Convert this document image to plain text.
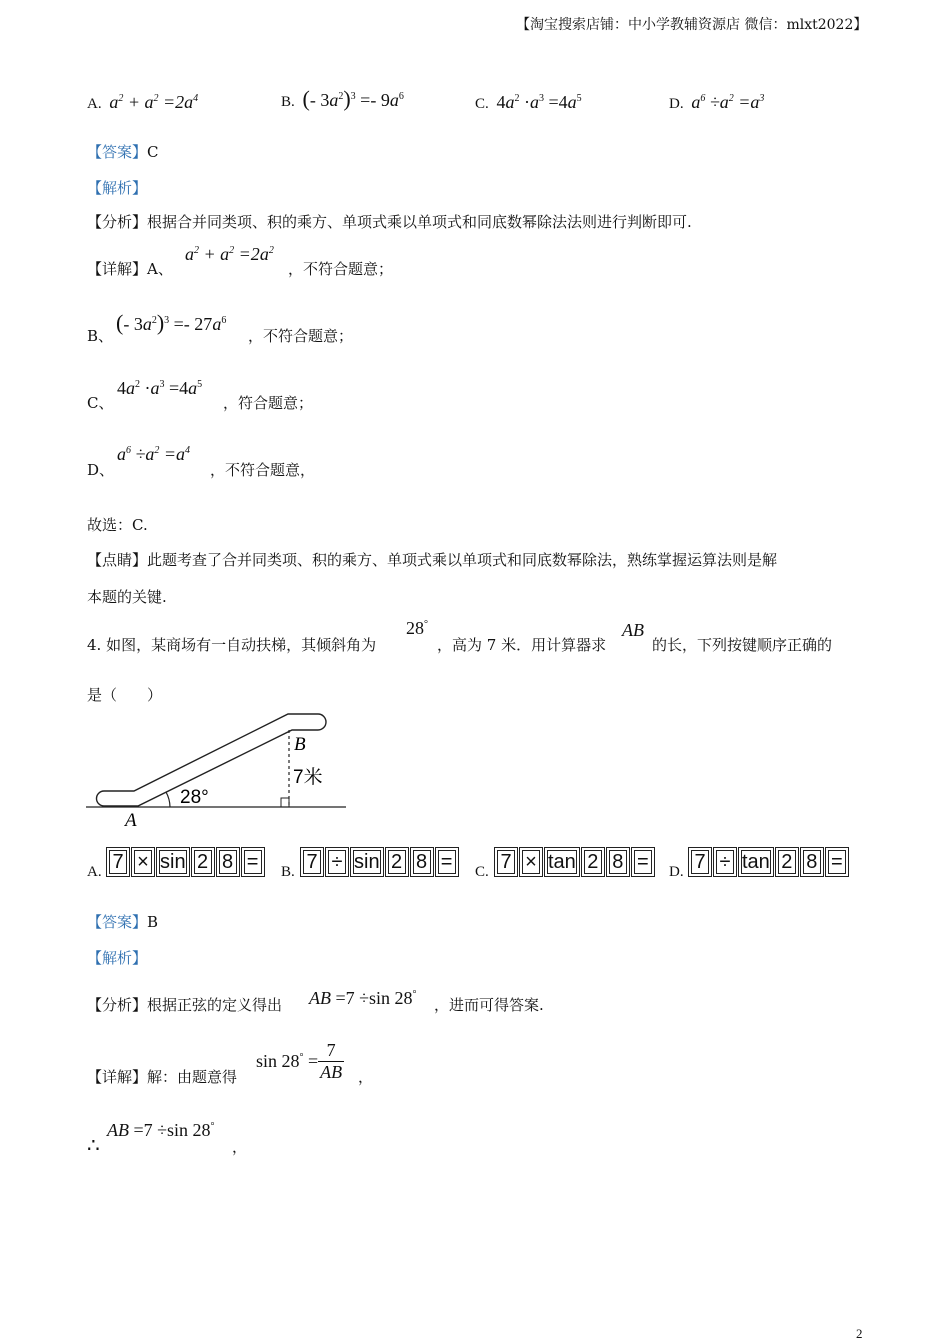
【淘宝搜索店铺：中小学教辅资源店 微信：mlxt2022】
A. $a^2 + a^2 =2a^4$	B. (- $3a^2)^3 =- 9a^6$	C. $4a^2 \cdot a^3 =4a^5$	D. $a^6 \div a^2 =a^3$
【答案】C
【解析】
【分析】根据合并同类项、积的乘方、单项式乘以单项式和同底数幂除法法则进行判断即可.
【详解】A、
$a^2 + a^2 =2a^2$
，不符合题意；
B、
(- $3a^2)^3 =- 27a^6$
，不符合题意；
C、
$4a^2 \cdot a^3 =4a^5$
，符合题意；
D、
$a^6 \div a^2 =a^4$
，不符合题意，
故选：C.
【点睛】此题考查了合并同类项、积的乘方、单项式乘以单项式和同底数幂除法，熟练掌握运算法则是解
本题的关键.
4. 如图，某商场有一自动扶梯，其倾斜角为
28°
，高为 7 米．用计算器求
AB
的长，下列按键顺序正确的
是（　　）
B
7米
28°
A
A. 7 × sin 2 8 =	B. 7 ÷ sin 2 8 =	C. 7 × tan 2 8 =	D. 7 ÷ tan 2 8 =
【答案】B
【解析】
【分析】根据正弦的定义得出 AB =7 ÷sin 28°
，进而可得答案.
【详解】解：由题意得
$\sin 28^\circ = \frac{7}{AB}$ ，
∴
AB =7 ÷sin 28°
，
2
